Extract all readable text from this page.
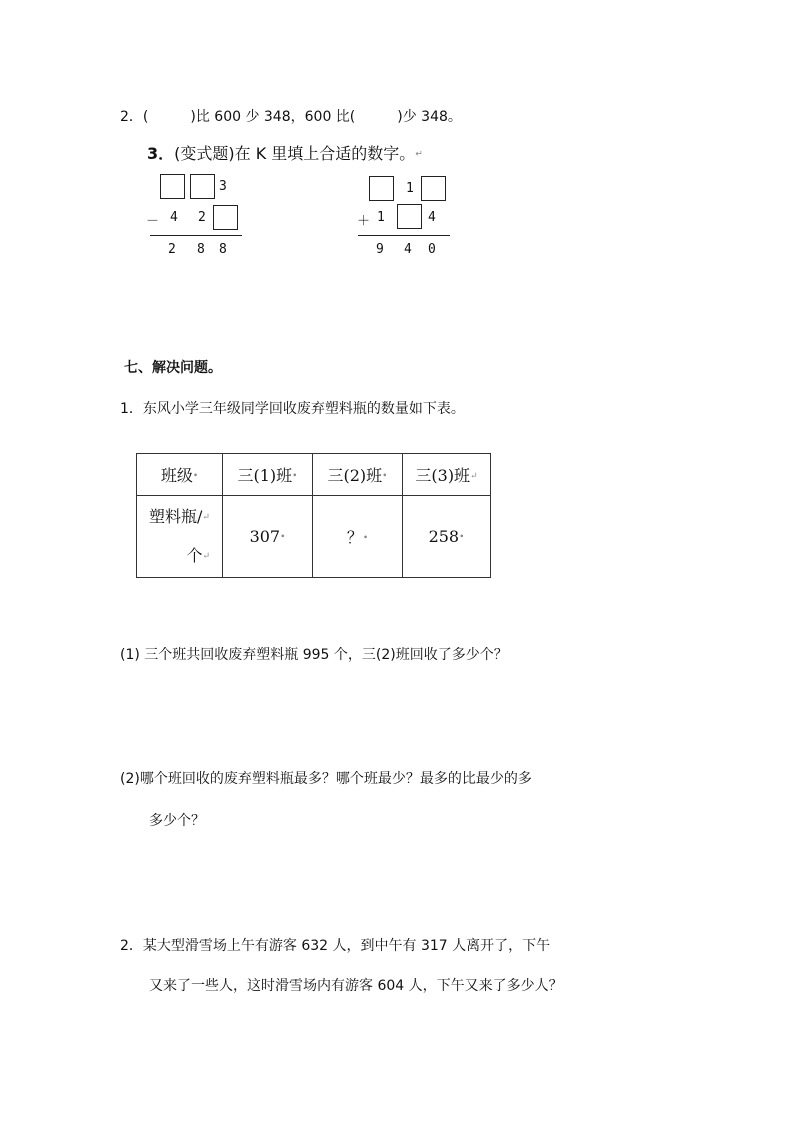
2．(　　　)比 600 少 348，600 比(　　　)少 348。
3．(变式题)在 K 里填上合适的数字。↵
3
－ 4 2
2 8 8
1
＋ 1	4
9 4 0
七、解决问题。
1．东风小学三年级同学回收废弃塑料瓶的数量如下表。
班级•	三(1)班•	三(2)班•	三(3)班↵

塑料瓶/↵
个↵	307•	？•	258•
(1) 三个班共回收废弃塑料瓶 995 个，三(2)班回收了多少个？
(2)哪个班回收的废弃塑料瓶最多？哪个班最少？最多的比最少的多
多少个？
2．某大型滑雪场上午有游客 632 人，到中午有 317 人离开了，下午
又来了一些人，这时滑雪场内有游客 604 人，下午又来了多少人？
